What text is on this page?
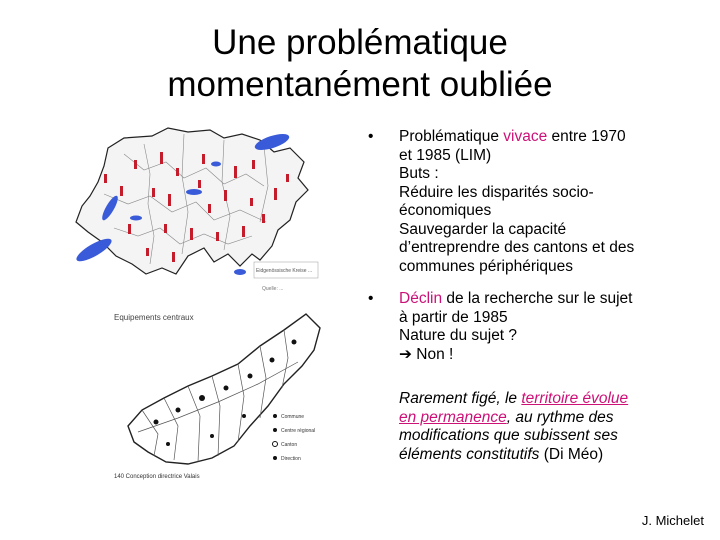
Une problématique
momentanément oubliée
Eidgenössische Kreise ...
Quelle: ...
Equipements centraux
Commune
Centre régional
Canton
Direction
140 Conception directrice Valais
• Problématique vivace entre 1970
et 1985 (LIM)
Buts :
Réduire les disparités socio-
économiques
Sauvegarder la capacité
d’entreprendre des cantons et des
communes périphériques
• Déclin de la recherche sur le sujet
à partir de 1985
Nature du sujet ?
➔ Non !
Rarement figé, le territoire évolue
en permanence, au rythme des
modifications que subissent ses
éléments constitutifs (Di Méo)
J. Michelet
